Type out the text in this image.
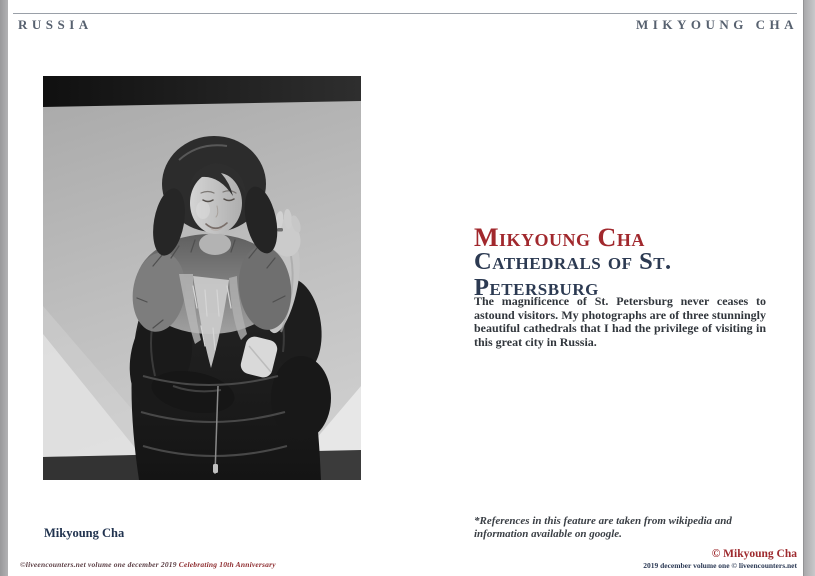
RUSSIA	MIKYOUNG CHA
Mikyoung Cha
Mikyoung Cha
Cathedrals of St. Petersburg
The magnificence of St. Petersburg never ceases to astound visitors. My photographs are of three stunningly beautiful cathedrals that I had the privilege of visiting in this great city in Russia.
*References in this feature are taken from wikipedia and information available on google.
©liveencounters.net volume one december 2019 Celebrating 10th Anniversary
© Mikyoung Cha
2019 december volume one © liveencounters.net
